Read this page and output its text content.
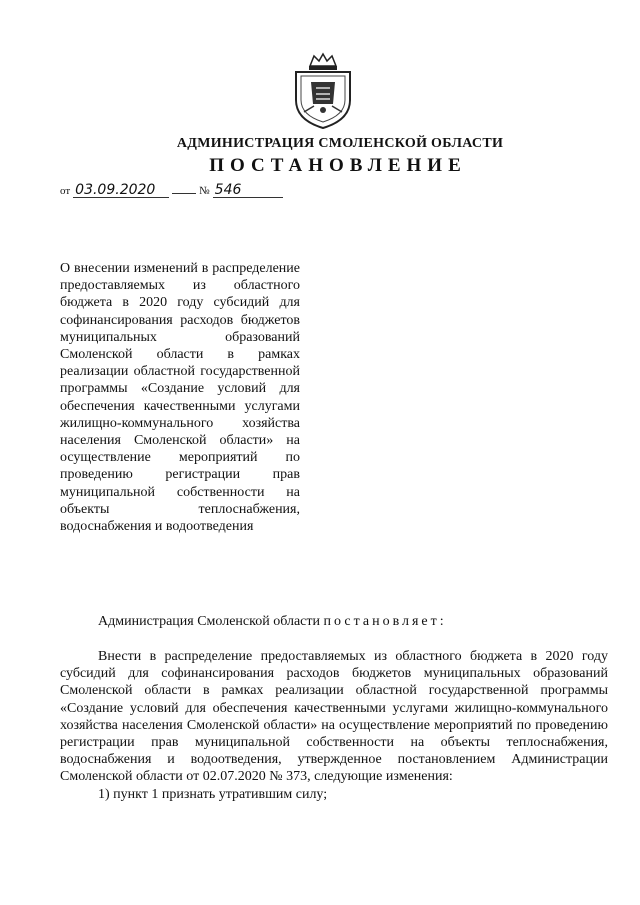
АДМИНИСТРАЦИЯ СМОЛЕНСКОЙ ОБЛАСТИ
ПОСТАНОВЛЕНИЕ
от 03.09.2020	№ 546
О внесении изменений в распределение предоставляемых из областного бюджета в 2020 году субсидий для софинансирования расходов бюджетов муниципальных образований Смоленской области в рамках реализации областной государственной программы «Создание условий для обеспечения качественными услугами жилищно-коммунального хозяйства населения Смоленской области» на осуществление мероприятий по проведению регистрации прав муниципальной собственности на объекты теплоснабжения, водоснабжения и водоотведения
Администрация Смоленской области постановляет:

Внести в распределение предоставляемых из областного бюджета в 2020 году субсидий для софинансирования расходов бюджетов муниципальных образований Смоленской области в рамках реализации областной государственной программы «Создание условий для обеспечения качественными услугами жилищно-коммунального хозяйства населения Смоленской области» на осуществление мероприятий по проведению регистрации прав муниципальной собственности на объекты теплоснабжения, водоснабжения и водоотведения, утвержденное постановлением Администрации Смоленской области от 02.07.2020 № 373, следующие изменения:

1) пункт 1 признать утратившим силу;
